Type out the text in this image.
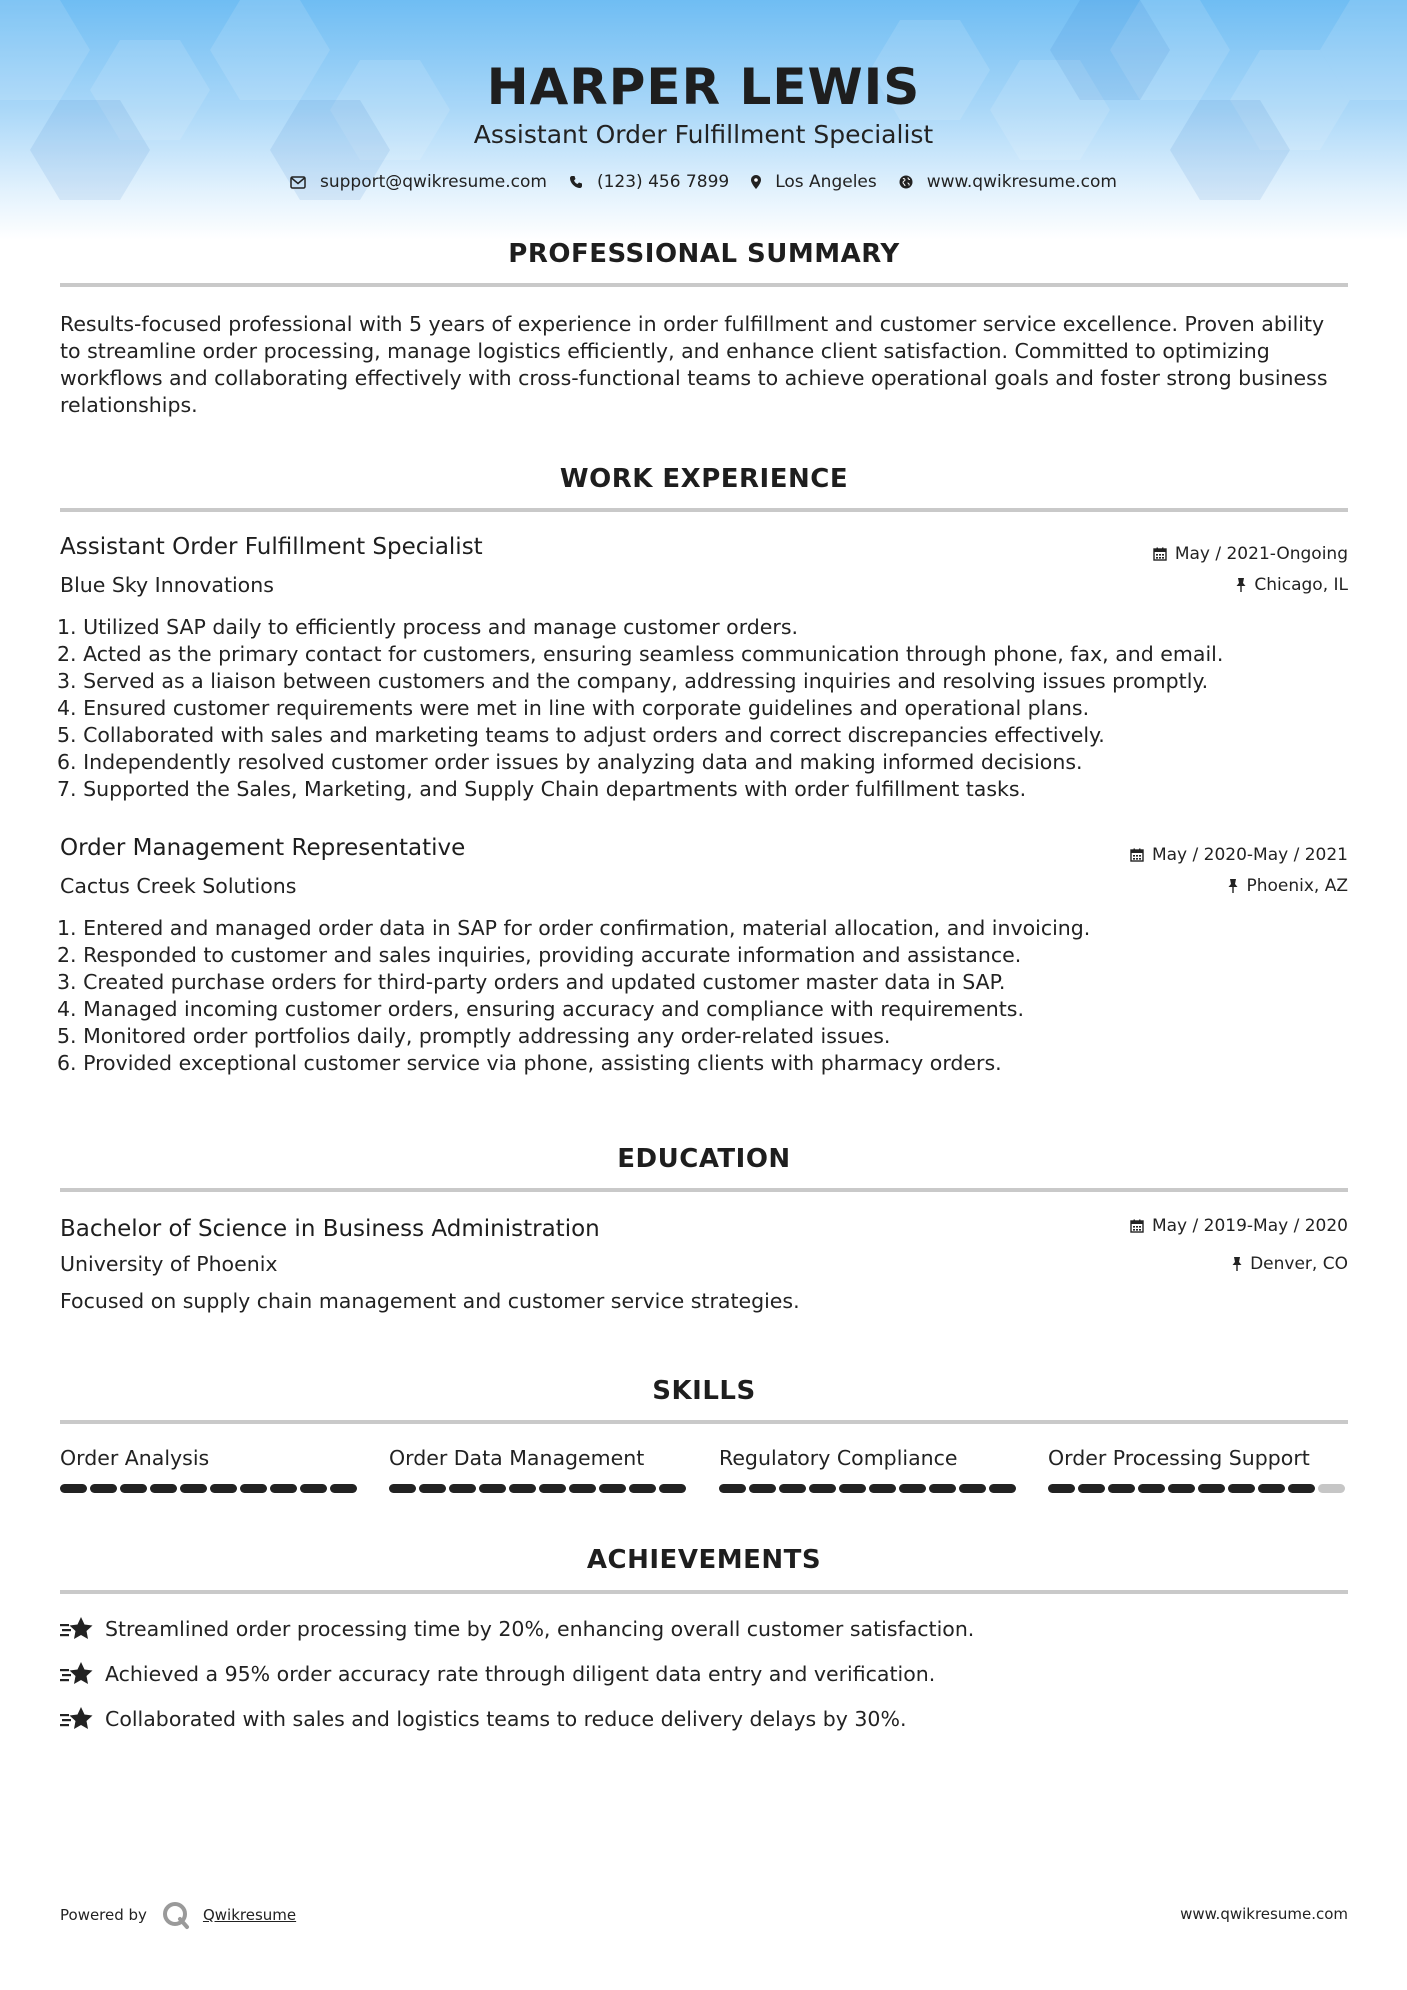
HARPER LEWIS
Assistant Order Fulfillment Specialist
support@qwikresume.com	(123) 456 7899	Los Angeles	www.qwikresume.com
PROFESSIONAL SUMMARY
Results-focused professional with 5 years of experience in order fulfillment and customer service excellence. Proven ability
to streamline order processing, manage logistics efficiently, and enhance client satisfaction. Committed to optimizing
workflows and collaborating effectively with cross-functional teams to achieve operational goals and foster strong business
relationships.
WORK EXPERIENCE
Assistant Order Fulfillment Specialist	May / 2021-Ongoing
Blue Sky Innovations	Chicago, IL
1. Utilized SAP daily to efficiently process and manage customer orders.
2. Acted as the primary contact for customers, ensuring seamless communication through phone, fax, and email.
3. Served as a liaison between customers and the company, addressing inquiries and resolving issues promptly.
4. Ensured customer requirements were met in line with corporate guidelines and operational plans.
5. Collaborated with sales and marketing teams to adjust orders and correct discrepancies effectively.
6. Independently resolved customer order issues by analyzing data and making informed decisions.
7. Supported the Sales, Marketing, and Supply Chain departments with order fulfillment tasks.
Order Management Representative	May / 2020-May / 2021
Cactus Creek Solutions	Phoenix, AZ
1. Entered and managed order data in SAP for order confirmation, material allocation, and invoicing.
2. Responded to customer and sales inquiries, providing accurate information and assistance.
3. Created purchase orders for third-party orders and updated customer master data in SAP.
4. Managed incoming customer orders, ensuring accuracy and compliance with requirements.
5. Monitored order portfolios daily, promptly addressing any order-related issues.
6. Provided exceptional customer service via phone, assisting clients with pharmacy orders.
EDUCATION
Bachelor of Science in Business Administration	May / 2019-May / 2020
University of Phoenix	Denver, CO
Focused on supply chain management and customer service strategies.
SKILLS
Order Analysis	Order Data Management	Regulatory Compliance	Order Processing Support
ACHIEVEMENTS
Streamlined order processing time by 20%, enhancing overall customer satisfaction.
Achieved a 95% order accuracy rate through diligent data entry and verification.
Collaborated with sales and logistics teams to reduce delivery delays by 30%.
Powered by	Qwikresume	www.qwikresume.com
